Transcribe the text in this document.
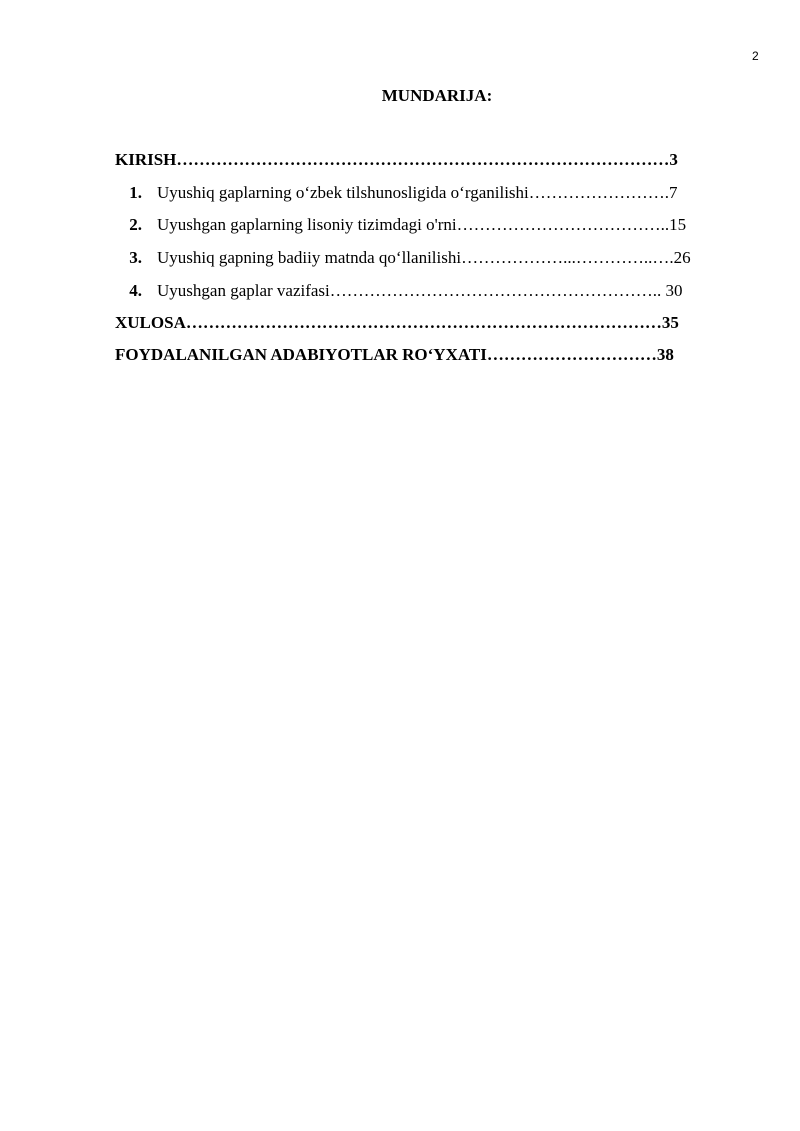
2
MUNDARIJA:
KIRISH……………………………………………………………………………3
1. Uyushiq gaplarning o‘zbek tilshunosligida o‘rganilishi…………………….7
2. Uyushgan gaplarning lisoniy tizimdagi o'rni………………………………..15
3. Uyushiq gapning badiiy matnda qo‘llanilishi………………...…………..….26
4. Uyushgan gaplar vazifasi………………………………………………….. 30
XULOSA…………………………………………………………………………35
FOYDALANILGAN ADABIYOTLAR RO‘YXATI…………………………38
